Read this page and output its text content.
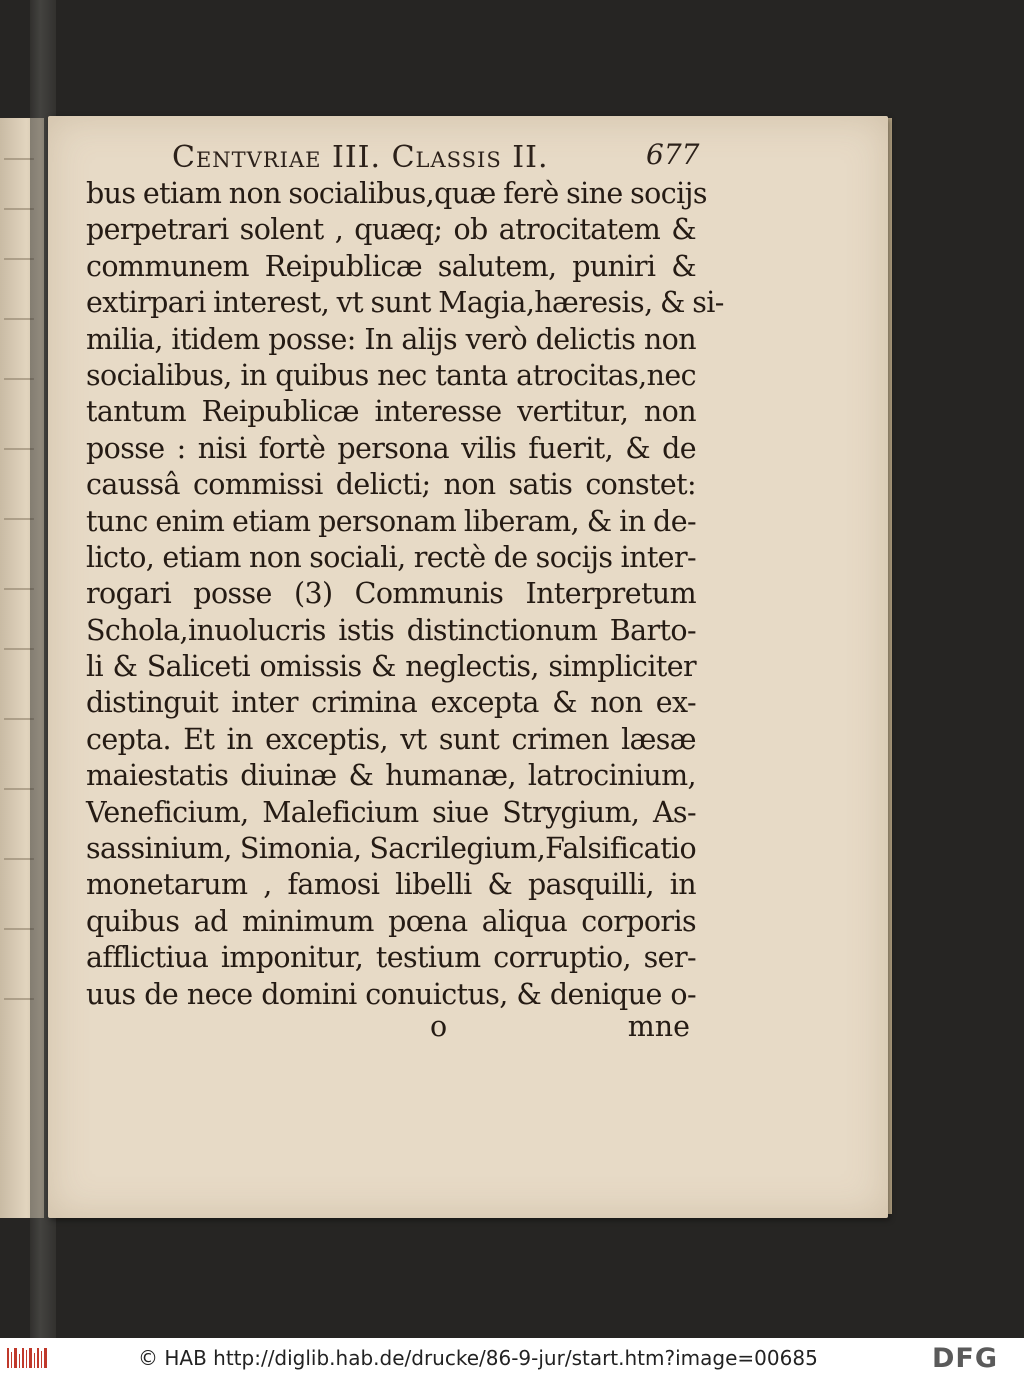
Centvriae III. Classis II.	677
bus etiam non socialibus,quæ ferè sine socijs
perpetrari solent , quæq; ob atrocitatem &
communem Reipublicæ salutem, puniri &
extirpari interest, vt sunt Magia,hæresis, & si-
milia, itidem posse: In alijs verò delictis non
socialibus, in quibus nec tanta atrocitas,nec
tantum Reipublicæ interesse vertitur, non
posse : nisi fortè persona vilis fuerit, & de
caussâ commissi delicti; non satis constet:
tunc enim etiam personam liberam, & in de-
licto, etiam non sociali, rectè de socijs inter-
rogari posse (3) Communis Interpretum
Schola,inuolucris istis distinctionum Barto-
li & Saliceti omissis & neglectis, simpliciter
distinguit inter crimina excepta & non ex-
cepta. Et in exceptis, vt sunt crimen læsæ
maiestatis diuinæ & humanæ, latrocinium,
Veneficium, Maleficium siue Strygium, As-
sassinium, Simonia, Sacrilegium,Falsificatio
monetarum , famosi libelli & pasquilli, in
quibus ad minimum pœna aliqua corporis
afflictiua imponitur, testium corruptio, ser-
uus de nece domini conuictus, & denique o-
o	mne
© HAB http://diglib.hab.de/drucke/86-9-jur/start.htm?image=00685	DFG
